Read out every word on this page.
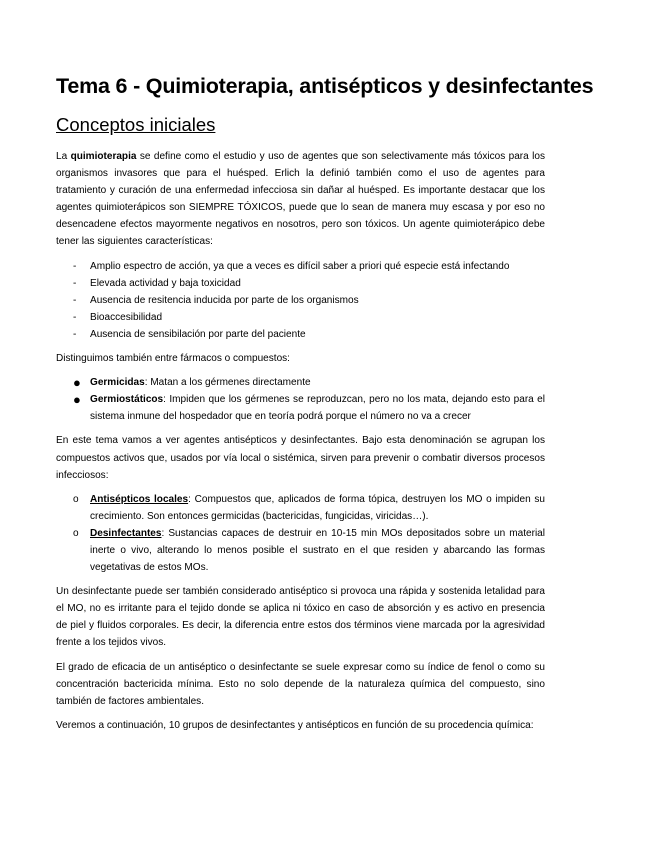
Tema 6 - Quimioterapia, antisépticos y desinfectantes
Conceptos iniciales

La quimioterapia se define como el estudio y uso de agentes que son selectivamente más tóxicos para los organismos invasores que para el huésped. Erlich la definió también como el uso de agentes para tratamiento y curación de una enfermedad infecciosa sin dañar al huésped. Es importante destacar que los agentes quimioterápicos son SIEMPRE TÓXICOS, puede que lo sean de manera muy escasa y por eso no desencadene efectos mayormente negativos en nosotros, pero son tóxicos. Un agente quimioterápico debe tener las siguientes características:

- Amplio espectro de acción, ya que a veces es difícil saber a priori qué especie está infectando
- Elevada actividad y baja toxicidad
- Ausencia de resitencia inducida por parte de los organismos
- Bioaccesibilidad
- Ausencia de sensibilación por parte del paciente

Distinguimos también entre fármacos o compuestos:

● Germicidas: Matan a los gérmenes directamente
● Germiostáticos: Impiden que los gérmenes se reproduzcan, pero no los mata, dejando esto para el sistema inmune del hospedador que en teoría podrá porque el número no va a crecer

En este tema vamos a ver agentes antisépticos y desinfectantes. Bajo esta denominación se agrupan los compuestos activos que, usados por vía local o sistémica, sirven para prevenir o combatir diversos procesos infecciosos:

o Antisépticos locales: Compuestos que, aplicados de forma tópica, destruyen los MO o impiden su crecimiento. Son entonces germicidas (bactericidas, fungicidas, viricidas…).
o Desinfectantes: Sustancias capaces de destruir en 10-15 min MOs depositados sobre un material inerte o vivo, alterando lo menos posible el sustrato en el que residen y abarcando las formas vegetativas de estos MOs.

Un desinfectante puede ser también considerado antiséptico si provoca una rápida y sostenida letalidad para el MO, no es irritante para el tejido donde se aplica ni tóxico en caso de absorción y es activo en presencia de piel y fluidos corporales. Es decir, la diferencia entre estos dos términos viene marcada por la agresividad frente a los tejidos vivos.

El grado de eficacia de un antiséptico o desinfectante se suele expresar como su índice de fenol o como su concentración bactericida mínima. Esto no solo depende de la naturaleza química del compuesto, sino también de factores ambientales.

Veremos a continuación, 10 grupos de desinfectantes y antisépticos en función de su procedencia química:
